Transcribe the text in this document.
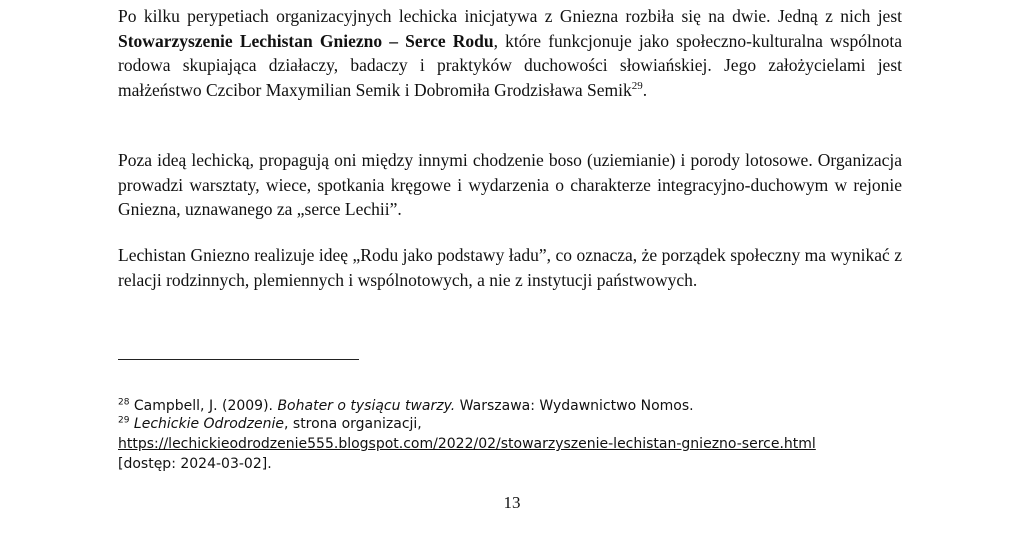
Po kilku perypetiach organizacyjnych lechicka inicjatywa z Gniezna rozbiła się na dwie. Jedną z nich jest Stowarzyszenie Lechistan Gniezno – Serce Rodu, które funkcjonuje jako społeczno-kulturalna wspólnota rodowa skupiająca działaczy, badaczy i praktyków duchowości słowiańskiej. Jego założycielami jest małżeństwo Czcibor Maxymilian Semik i Dobromiła Grodzisława Semik$^{29}$.

Poza ideą lechicką, propagują oni między innymi chodzenie boso (uziemianie) i porody lotosowe. Organizacja prowadzi warsztaty, wiece, spotkania kręgowe i wydarzenia o charakterze integracyjno-duchowym w rejonie Gniezna, uznawanego za „serce Lechii”.

Lechistan Gniezno realizuje ideę „Rodu jako podstawy ładu”, co oznacza, że porządek społeczny ma wynikać z relacji rodzinnych, plemiennych i wspólnotowych, a nie z instytucji państwowych.

$^{28}$ Campbell, J. (2009). Bohater o tysiącu twarzy. Warszawa: Wydawnictwo Nomos.
$^{29}$ Lechickie Odrodzenie, strona organizacji,
https://lechickieodrodzenie555.blogspot.com/2022/02/stowarzyszenie-lechistan-gniezno-serce.html
[dostęp: 2024-03-02].
13
